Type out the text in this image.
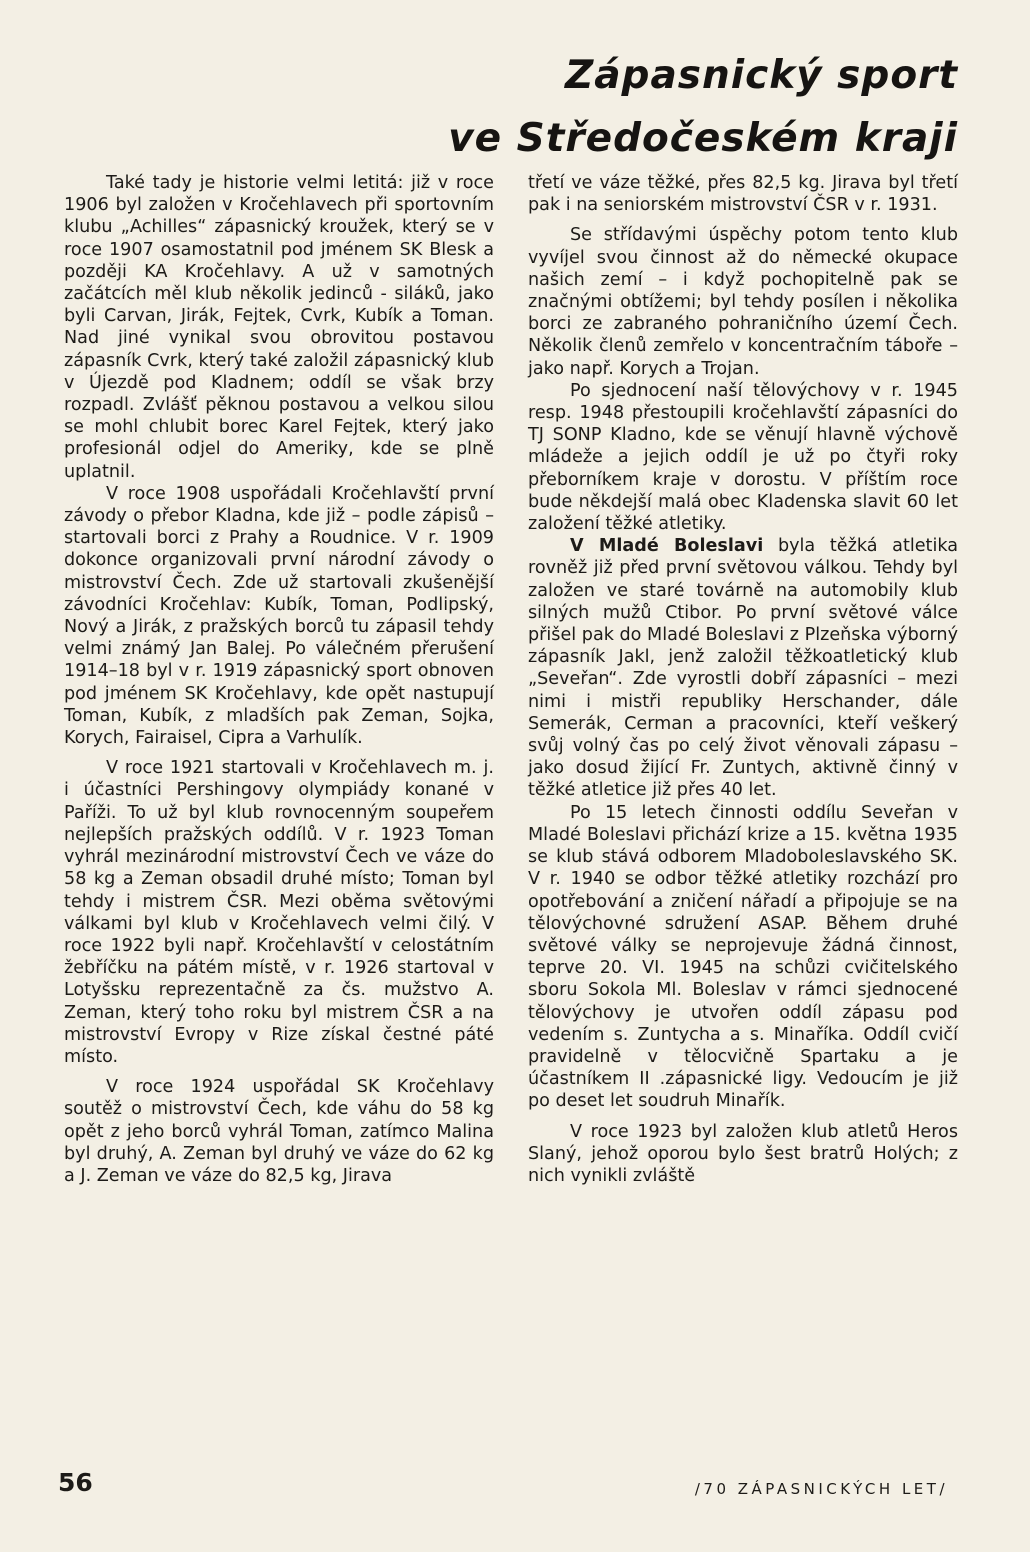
Zápasnický sport
ve Středočeském kraji

Také tady je historie velmi letitá: již v roce 1906 byl založen v Kročehlavech při sportovním klubu „Achilles“ zápasnický kroužek, který se v roce 1907 osamostatnil pod jménem SK Blesk a později KA Kročehlavy. A už v samotných začátcích měl klub několik jedinců - siláků, jako byli Carvan, Jirák, Fejtek, Cvrk, Kubík a Toman. Nad jiné vynikal svou obrovitou postavou zápasník Cvrk, který také založil zápasnický klub v Újezdě pod Kladnem; oddíl se však brzy rozpadl. Zvlášť pěknou postavou a velkou silou se mohl chlubit borec Karel Fejtek, který jako profesionál odjel do Ameriky, kde se plně uplatnil.

V roce 1908 uspořádali Kročehlavští první závody o přebor Kladna, kde již – podle zápisů – startovali borci z Prahy a Roudnice. V r. 1909 dokonce organizovali první národní závody o mistrovství Čech. Zde už startovali zkušenější závodníci Kročehlav: Kubík, Toman, Podlipský, Nový a Jirák, z pražských borců tu zápasil tehdy velmi známý Jan Balej. Po válečném přerušení 1914–18 byl v r. 1919 zápasnický sport obnoven pod jménem SK Kročehlavy, kde opět nastupují Toman, Kubík, z mladších pak Zeman, Sojka, Korych, Fairaisel, Cipra a Varhulík.

V roce 1921 startovali v Kročehlavech m. j. i účastníci Pershingovy olympiády konané v Paříži. To už byl klub rovnocenným soupeřem nejlepších pražských oddílů. V r. 1923 Toman vyhrál mezinárodní mistrovství Čech ve váze do 58 kg a Zeman obsadil druhé místo; Toman byl tehdy i mistrem ČSR. Mezi oběma světovými válkami byl klub v Kročehlavech velmi čilý. V roce 1922 byli např. Kročehlavští v celostátním žebříčku na pátém místě, v r. 1926 startoval v Lotyšsku reprezentačně za čs. mužstvo A. Zeman, který toho roku byl mistrem ČSR a na mistrovství Evropy v Rize získal čestné páté místo.

V roce 1924 uspořádal SK Kročehlavy soutěž o mistrovství Čech, kde váhu do 58 kg opět z jeho borců vyhrál Toman, zatímco Malina byl druhý, A. Zeman byl druhý ve váze do 62 kg a J. Zeman ve váze do 82,5 kg, Jirava

třetí ve váze těžké, přes 82,5 kg. Jirava byl třetí pak i na seniorském mistrovství ČSR v r. 1931.

Se střídavými úspěchy potom tento klub vyvíjel svou činnost až do německé okupace našich zemí – i když pochopitelně pak se značnými obtížemi; byl tehdy posílen i několika borci ze zabraného pohraničního území Čech. Několik členů zemřelo v koncentračním táboře – jako např. Korych a Trojan.

Po sjednocení naší tělovýchovy v r. 1945 resp. 1948 přestoupili kročehlavští zápasníci do TJ SONP Kladno, kde se věnují hlavně výchově mládeže a jejich oddíl je už po čtyři roky přeborníkem kraje v dorostu. V příštím roce bude někdejší malá obec Kladenska slavit 60 let založení těžké atletiky.

V Mladé Boleslavi byla těžká atletika rovněž již před první světovou válkou. Tehdy byl založen ve staré továrně na automobily klub silných mužů Ctibor. Po první světové válce přišel pak do Mladé Boleslavi z Plzeňska výborný zápasník Jakl, jenž založil těžkoatletický klub „Seveřan“. Zde vyrostli dobří zápasníci – mezi nimi i mistři republiky Herschander, dále Semerák, Cerman a pracovníci, kteří veškerý svůj volný čas po celý život věnovali zápasu – jako dosud žijící Fr. Zuntych, aktivně činný v těžké atletice již přes 40 let.

Po 15 letech činnosti oddílu Seveřan v Mladé Boleslavi přichází krize a 15. května 1935 se klub stává odborem Mladoboleslavského SK. V r. 1940 se odbor těžké atletiky rozchází pro opotřebování a zničení nářadí a připojuje se na tělovýchovné sdružení ASAP. Během druhé světové války se neprojevuje žádná činnost, teprve 20. VI. 1945 na schůzi cvičitelského sboru Sokola Ml. Boleslav v rámci sjednocené tělovýchovy je utvořen oddíl zápasu pod vedením s. Zuntycha a s. Minaříka. Oddíl cvičí pravidelně v tělocvičně Spartaku a je účastníkem II .zápasnické ligy. Vedoucím je již po deset let soudruh Minařík.

V roce 1923 byl založen klub atletů Heros Slaný, jehož oporou bylo šest bratrů Holých; z nich vynikli zvláště

56	/70 ZÁPASNICKÝCH LET/
